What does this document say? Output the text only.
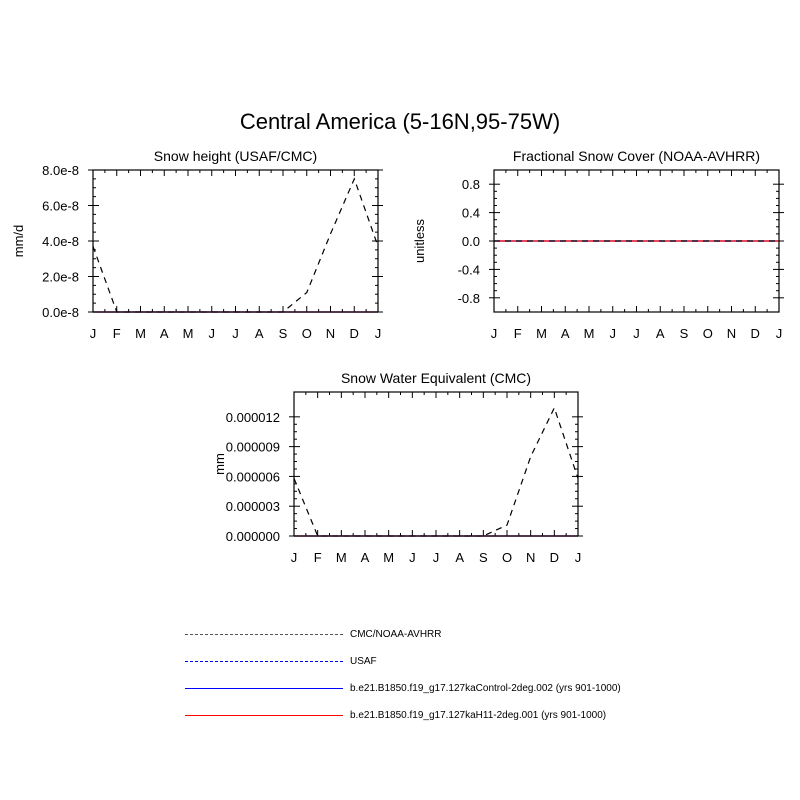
Central America (5-16N,95-75W)
Snow height (USAF/CMC)
mm/d
J F M A M J J A S O N D J
0.0e-8
2.0e-8
4.0e-8
6.0e-8
8.0e-8
Fractional Snow Cover (NOAA-AVHRR)
unitless
J F M A M J J A S O N D J
-0.8
-0.4
0.0
0.4
0.8
Snow Water Equivalent (CMC)
mm
J F M A M J J A S O N D J
0.000000
0.000003
0.000006
0.000009
0.000012
CMC/NOAA-AVHRR
USAF
b.e21.B1850.f19_g17.127kaControl-2deg.002 (yrs 901-1000)
b.e21.B1850.f19_g17.127kaH11-2deg.001 (yrs 901-1000)
